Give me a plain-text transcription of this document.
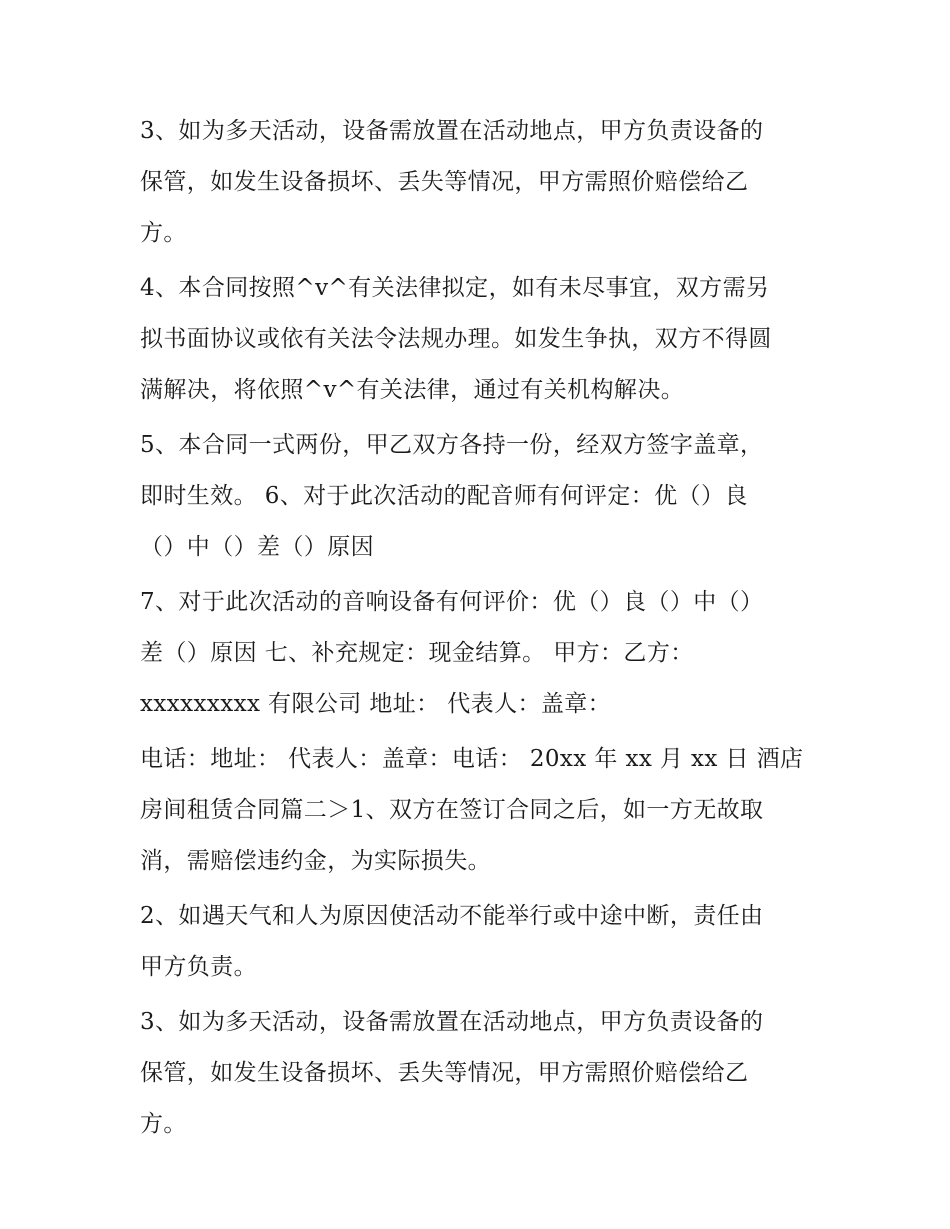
3、如为多天活动，设备需放置在活动地点，甲方负责设备的
保管，如发生设备损坏、丢失等情况，甲方需照价赔偿给乙
方。
4、本合同按照^v^有关法律拟定，如有未尽事宜，双方需另
拟书面协议或依有关法令法规办理。如发生争执，双方不得圆
满解决，将依照^v^有关法律，通过有关机构解决。
5、本合同一式两份，甲乙双方各持一份，经双方签字盖章，
即时生效。 6、对于此次活动的配音师有何评定：优（）良
（）中（）差（）原因
7、对于此次活动的音响设备有何评价：优（）良（）中（）
差（）原因 七、补充规定：现金结算。 甲方：乙方：
xxxxxxxxx 有限公司 地址： 代表人：盖章：
电话：地址： 代表人：盖章：电话： 20xx 年 xx 月 xx 日 酒店
房间租赁合同篇二＞1、双方在签订合同之后，如一方无故取
消，需赔偿违约金，为实际损失。
2、如遇天气和人为原因使活动不能举行或中途中断，责任由
甲方负责。
3、如为多天活动，设备需放置在活动地点，甲方负责设备的
保管，如发生设备损坏、丢失等情况，甲方需照价赔偿给乙
方。
